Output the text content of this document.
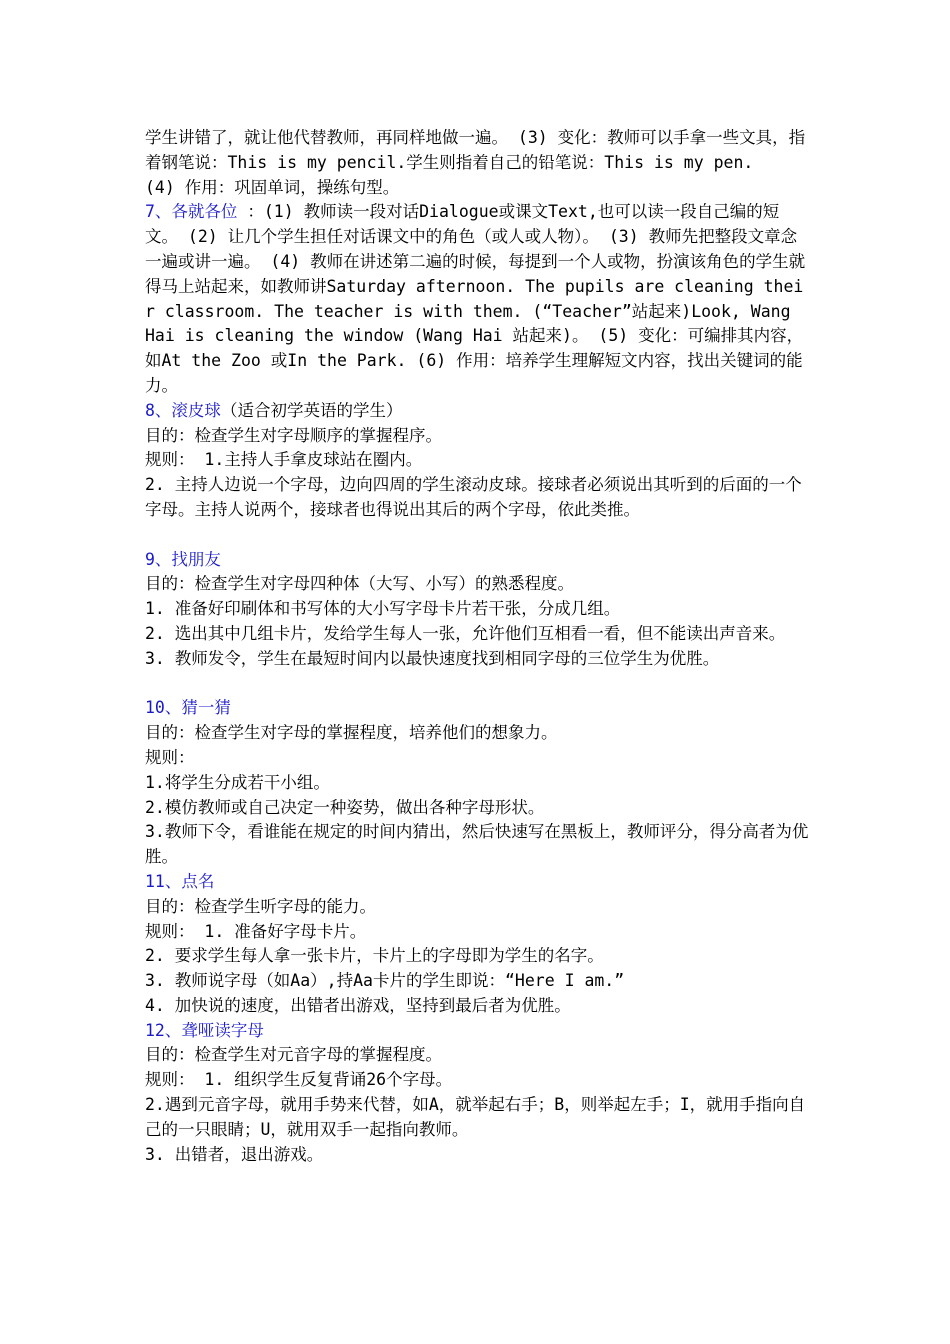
学生讲错了，就让他代替教师，再同样地做一遍。 (3) 变化：教师可以手拿一些文具，指着钢笔说：This is my pencil.学生则指着自己的铅笔说：This is my pen.

(4) 作用：巩固单词，操练句型。

7、各就各位 ：(1) 教师读一段对话Dialogue或课文Text,也可以读一段自己编的短文。 (2) 让几个学生担任对话课文中的角色（或人或人物）。 (3) 教师先把整段文章念一遍或讲一遍。 (4) 教师在讲述第二遍的时候，每提到一个人或物，扮演该角色的学生就得马上站起来，如教师讲Saturday afternoon. The pupils are cleaning their classroom. The teacher is with them. (“Teacher”站起来)Look, Wang Hai is cleaning the window (Wang Hai 站起来)。 (5) 变化：可编排其内容，如At the Zoo 或In the Park. (6) 作用：培养学生理解短文内容，找出关键词的能力。

8、滚皮球（适合初学英语的学生）

目的：检查学生对字母顺序的掌握程序。

规则： 1.主持人手拿皮球站在圈内。

2. 主持人边说一个字母，边向四周的学生滚动皮球。接球者必须说出其听到的后面的一个字母。主持人说两个，接球者也得说出其后的两个字母，依此类推。

9、找朋友

目的：检查学生对字母四种体（大写、小写）的熟悉程度。

1. 准备好印刷体和书写体的大小写字母卡片若干张，分成几组。

2. 选出其中几组卡片，发给学生每人一张，允许他们互相看一看，但不能读出声音来。

3. 教师发令，学生在最短时间内以最快速度找到相同字母的三位学生为优胜。

10、猜一猜

目的：检查学生对字母的掌握程度，培养他们的想象力。

规则：

1.将学生分成若干小组。

2.模仿教师或自己决定一种姿势，做出各种字母形状。

3.教师下令，看谁能在规定的时间内猜出，然后快速写在黑板上，教师评分，得分高者为优胜。

11、点名

目的：检查学生听字母的能力。

规则： 1. 准备好字母卡片。

2. 要求学生每人拿一张卡片，卡片上的字母即为学生的名字。

3. 教师说字母（如Aa）,持Aa卡片的学生即说：“Here I am.”

4. 加快说的速度，出错者出游戏，坚持到最后者为优胜。

12、聋哑读字母

目的：检查学生对元音字母的掌握程度。

规则： 1. 组织学生反复背诵26个字母。

2.遇到元音字母，就用手势来代替，如A，就举起右手；B，则举起左手；I，就用手指向自己的一只眼睛；U，就用双手一起指向教师。

3. 出错者，退出游戏。
